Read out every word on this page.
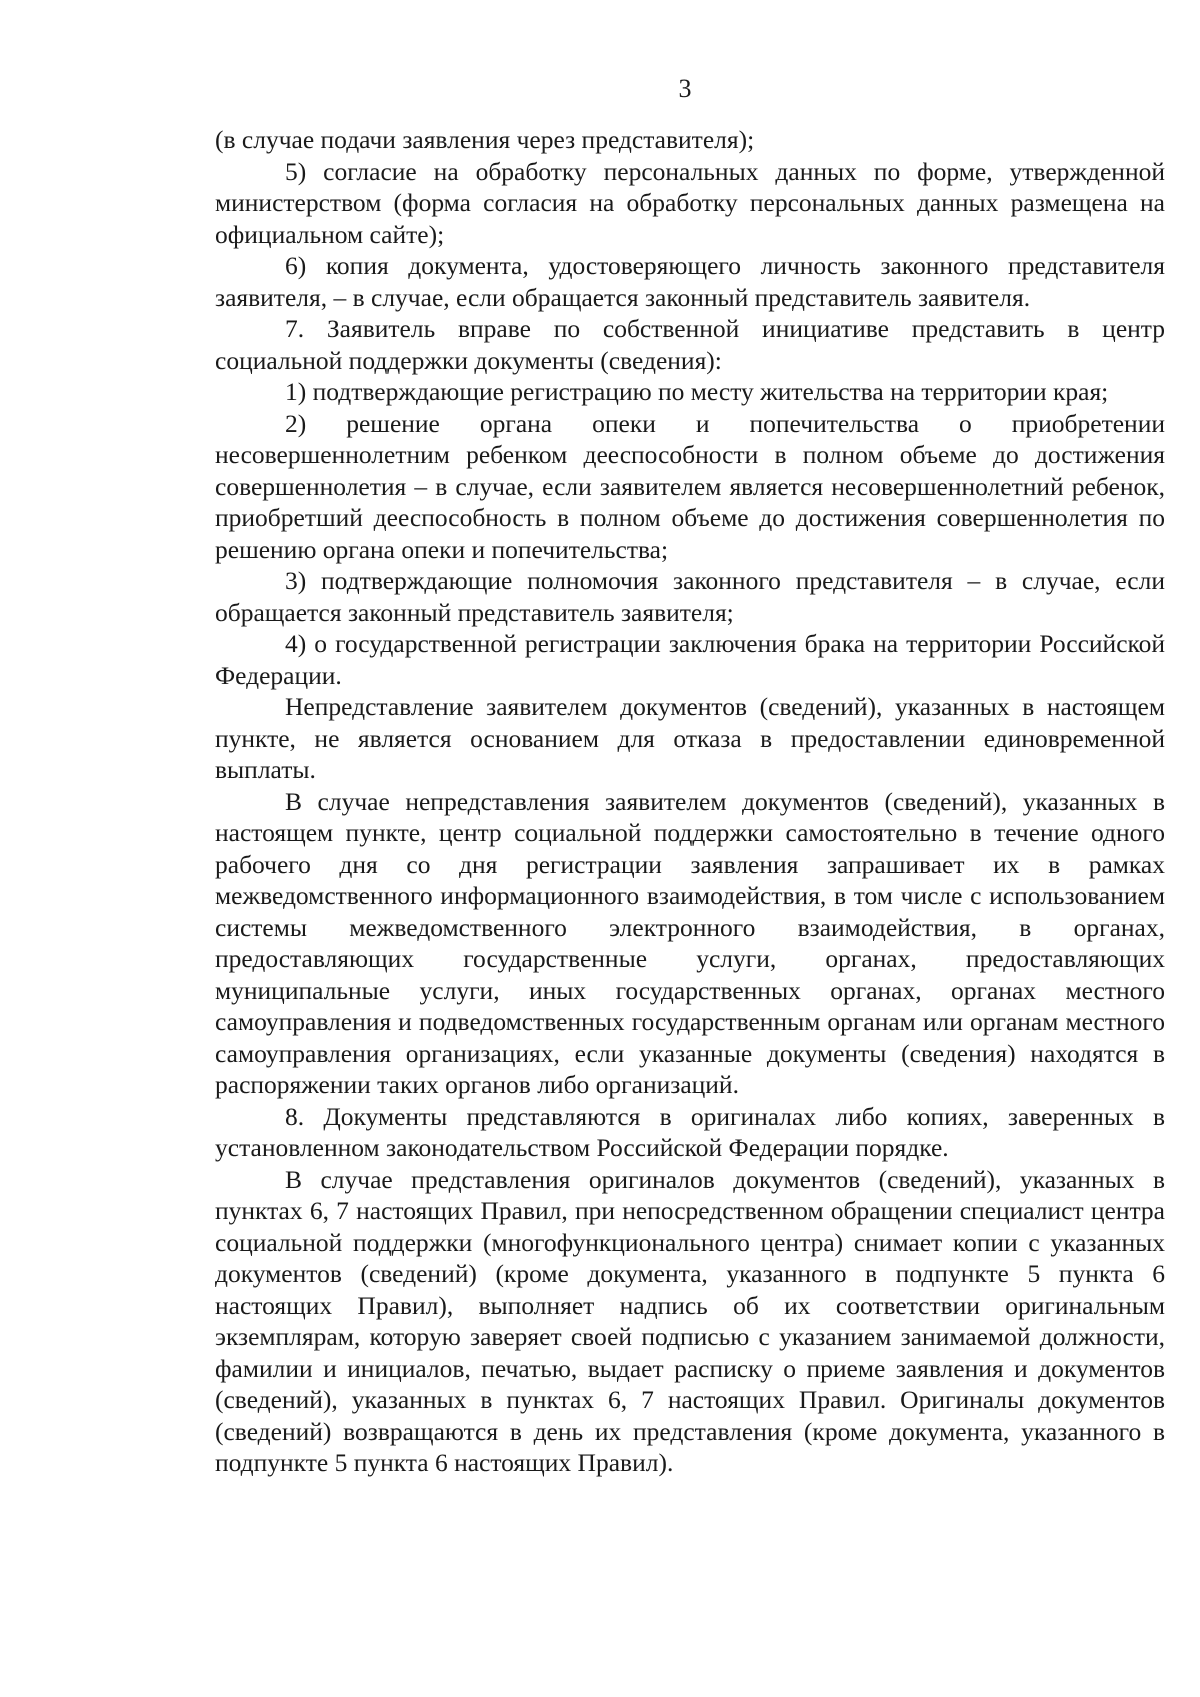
3

(в случае подачи заявления через представителя);

5) согласие на обработку персональных данных по форме, утвержденной министерством (форма согласия на обработку персональных данных размещена на официальном сайте);

6) копия документа, удостоверяющего личность законного представителя заявителя, – в случае, если обращается законный представитель заявителя.

7. Заявитель вправе по собственной инициативе представить в центр социальной поддержки документы (сведения):

1) подтверждающие регистрацию по месту жительства на территории края;

2) решение органа опеки и попечительства о приобретении несовершеннолетним ребенком дееспособности в полном объеме до достижения совершеннолетия – в случае, если заявителем является несовершеннолетний ребенок, приобретший дееспособность в полном объеме до достижения совершеннолетия по решению органа опеки и попечительства;

3) подтверждающие полномочия законного представителя – в случае, если обращается законный представитель заявителя;

4) о государственной регистрации заключения брака на территории Российской Федерации.

Непредставление заявителем документов (сведений), указанных в настоящем пункте, не является основанием для отказа в предоставлении единовременной выплаты.

В случае непредставления заявителем документов (сведений), указанных в настоящем пункте, центр социальной поддержки самостоятельно в течение одного рабочего дня со дня регистрации заявления запрашивает их в рамках межведомственного информационного взаимодействия, в том числе с использованием системы межведомственного электронного взаимодействия, в органах, предоставляющих государственные услуги, органах, предоставляющих муниципальные услуги, иных государственных органах, органах местного самоуправления и подведомственных государственным органам или органам местного самоуправления организациях, если указанные документы (сведения) находятся в распоряжении таких органов либо организаций.

8. Документы представляются в оригиналах либо копиях, заверенных в установленном законодательством Российской Федерации порядке.

В случае представления оригиналов документов (сведений), указанных в пунктах 6, 7 настоящих Правил, при непосредственном обращении специалист центра социальной поддержки (многофункционального центра) снимает копии с указанных документов (сведений) (кроме документа, указанного в подпункте 5 пункта 6 настоящих Правил), выполняет надпись об их соответствии оригинальным экземплярам, которую заверяет своей подписью с указанием занимаемой должности, фамилии и инициалов, печатью, выдает расписку о приеме заявления и документов (сведений), указанных в пунктах 6, 7 настоящих Правил. Оригиналы документов (сведений) возвращаются в день их представления (кроме документа, указанного в подпункте 5 пункта 6 настоящих Правил).
